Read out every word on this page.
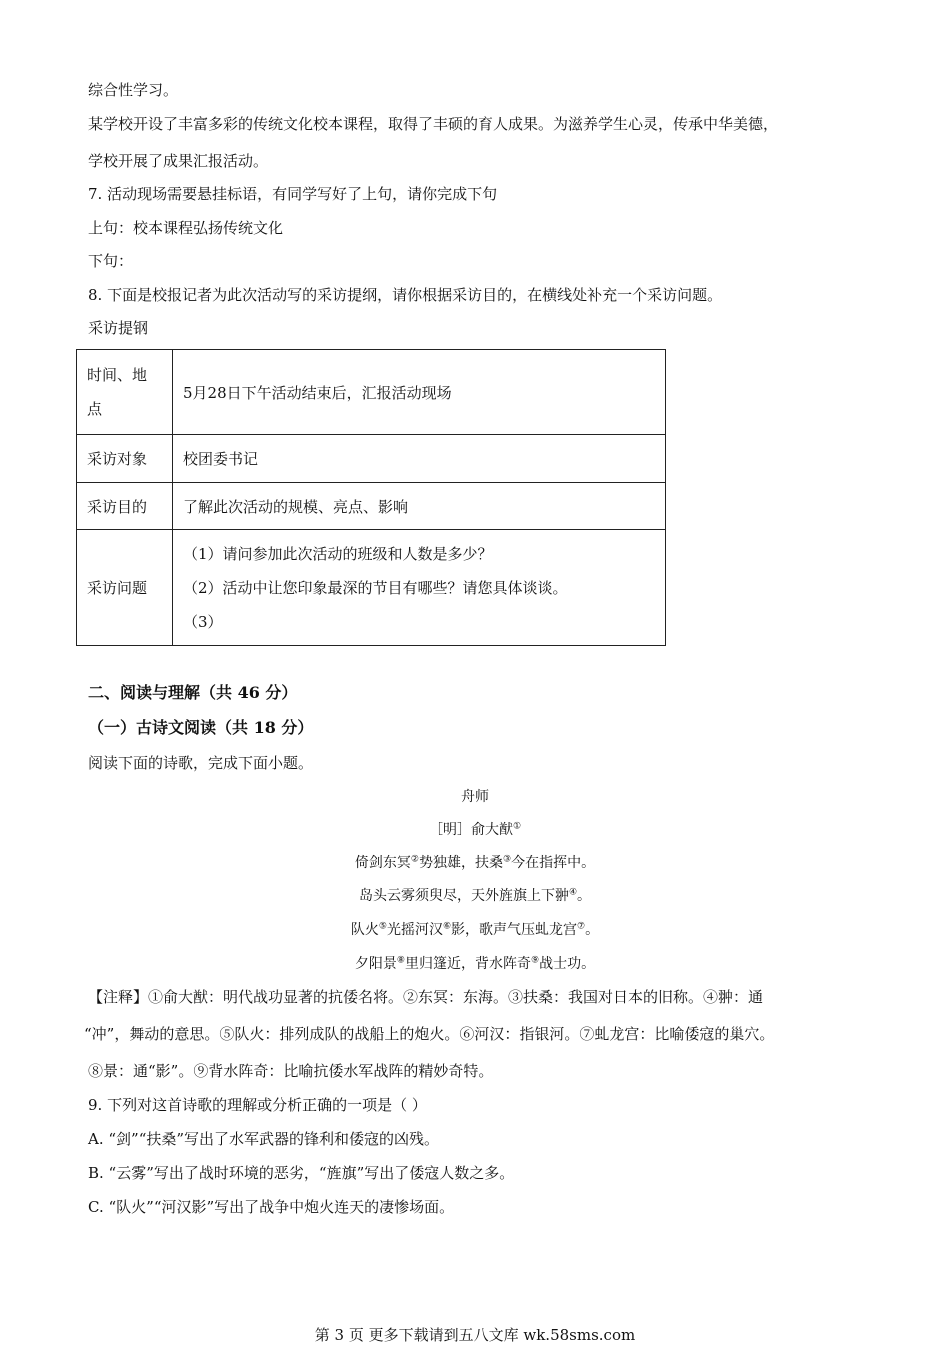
综合性学习。
某学校开设了丰富多彩的传统文化校本课程，取得了丰硕的育人成果。为滋养学生心灵，传承中华美德，
学校开展了成果汇报活动。
7. 活动现场需要悬挂标语，有同学写好了上句，请你完成下句
上句：校本课程弘扬传统文化
下句：
8. 下面是校报记者为此次活动写的采访提纲，请你根据采访目的，在横线处补充一个采访问题。
采访提钢
时间、地
点	5月28日下午活动结束后，汇报活动现场
采访对象	校团委书记
采访目的	了解此次活动的规模、亮点、影响
采访问题	（1）请问参加此次活动的班级和人数是多少？
（2）活动中让您印象最深的节目有哪些？请您具体谈谈。
（3）
二、阅读与理解（共 46 分）
（一）古诗文阅读（共 18 分）
阅读下面的诗歌，完成下面小题。
舟师
［明］俞大猷①
倚剑东冥②势独雄，扶桑③今在指挥中。
岛头云雾须臾尽，天外旌旗上下翀④。
队火⑤光摇河汉⑥影，歌声气压虬龙宫⑦。
夕阳景⑧里归篷近，背水阵奇⑨战士功。
【注释】①俞大猷：明代战功显著的抗倭名将。②东冥：东海。③扶桑：我国对日本的旧称。④翀：通
“冲”，舞动的意思。⑤队火：排列成队的战船上的炮火。⑥河汉：指银河。⑦虬龙宫：比喻倭寇的巢穴。
⑧景：通“影”。⑨背水阵奇：比喻抗倭水军战阵的精妙奇特。
9. 下列对这首诗歌的理解或分析正确的一项是（ ）
A. “剑”“扶桑”写出了水军武器的锋利和倭寇的凶残。
B. “云雾”写出了战时环境的恶劣，“旌旗”写出了倭寇人数之多。
C. “队火”“河汉影”写出了战争中炮火连天的凄惨场面。
第 3 页 更多下载请到五八文库 wk.58sms.com
